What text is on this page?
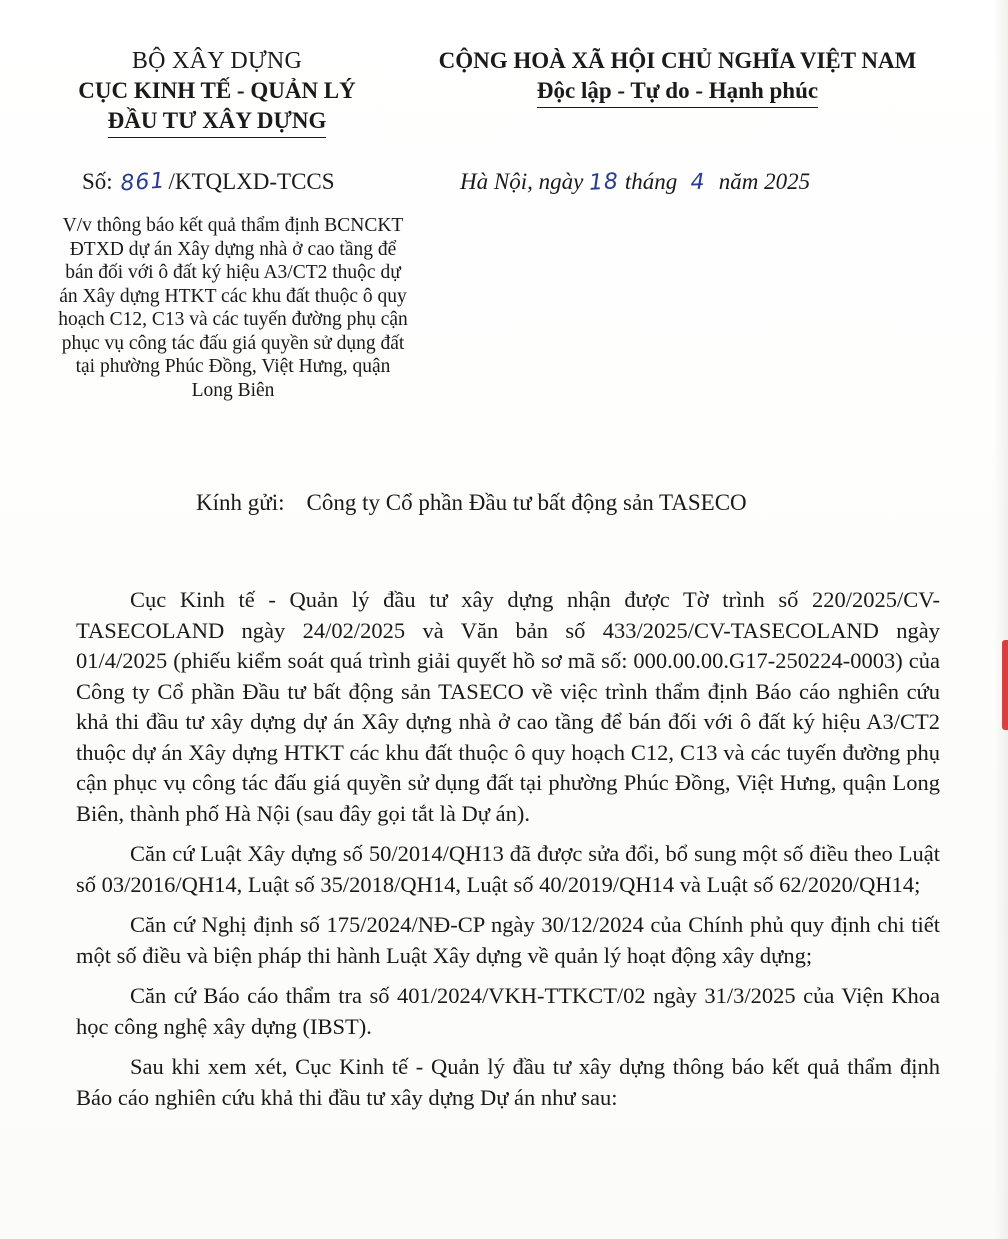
BỘ XÂY DỰNG
CỤC KINH TẾ - QUẢN LÝ
ĐẦU TƯ XÂY DỰNG
CỘNG HOÀ XÃ HỘI CHỦ NGHĨA VIỆT NAM
Độc lập - Tự do - Hạnh phúc
Số: 861/KTQLXD-TCCS	Hà Nội, ngày 18 tháng 4 năm 2025
V/v thông báo kết quả thẩm định BCNCKT ĐTXD dự án Xây dựng nhà ở cao tầng để bán đối với ô đất ký hiệu A3/CT2 thuộc dự án Xây dựng HTKT các khu đất thuộc ô quy hoạch C12, C13 và các tuyến đường phụ cận phục vụ công tác đấu giá quyền sử dụng đất tại phường Phúc Đồng, Việt Hưng, quận Long Biên
Kính gửi: Công ty Cổ phần Đầu tư bất động sản TASECO

Cục Kinh tế - Quản lý đầu tư xây dựng nhận được Tờ trình số 220/2025/CV-TASECOLAND ngày 24/02/2025 và Văn bản số 433/2025/CV-TASECOLAND ngày 01/4/2025 (phiếu kiểm soát quá trình giải quyết hồ sơ mã số: 000.00.00.G17-250224-0003) của Công ty Cổ phần Đầu tư bất động sản TASECO về việc trình thẩm định Báo cáo nghiên cứu khả thi đầu tư xây dựng dự án Xây dựng nhà ở cao tầng để bán đối với ô đất ký hiệu A3/CT2 thuộc dự án Xây dựng HTKT các khu đất thuộc ô quy hoạch C12, C13 và các tuyến đường phụ cận phục vụ công tác đấu giá quyền sử dụng đất tại phường Phúc Đồng, Việt Hưng, quận Long Biên, thành phố Hà Nội (sau đây gọi tắt là Dự án).

Căn cứ Luật Xây dựng số 50/2014/QH13 đã được sửa đổi, bổ sung một số điều theo Luật số 03/2016/QH14, Luật số 35/2018/QH14, Luật số 40/2019/QH14 và Luật số 62/2020/QH14;

Căn cứ Nghị định số 175/2024/NĐ-CP ngày 30/12/2024 của Chính phủ quy định chi tiết một số điều và biện pháp thi hành Luật Xây dựng về quản lý hoạt động xây dựng;

Căn cứ Báo cáo thẩm tra số 401/2024/VKH-TTKCT/02 ngày 31/3/2025 của Viện Khoa học công nghệ xây dựng (IBST).

Sau khi xem xét, Cục Kinh tế - Quản lý đầu tư xây dựng thông báo kết quả thẩm định Báo cáo nghiên cứu khả thi đầu tư xây dựng Dự án như sau:
